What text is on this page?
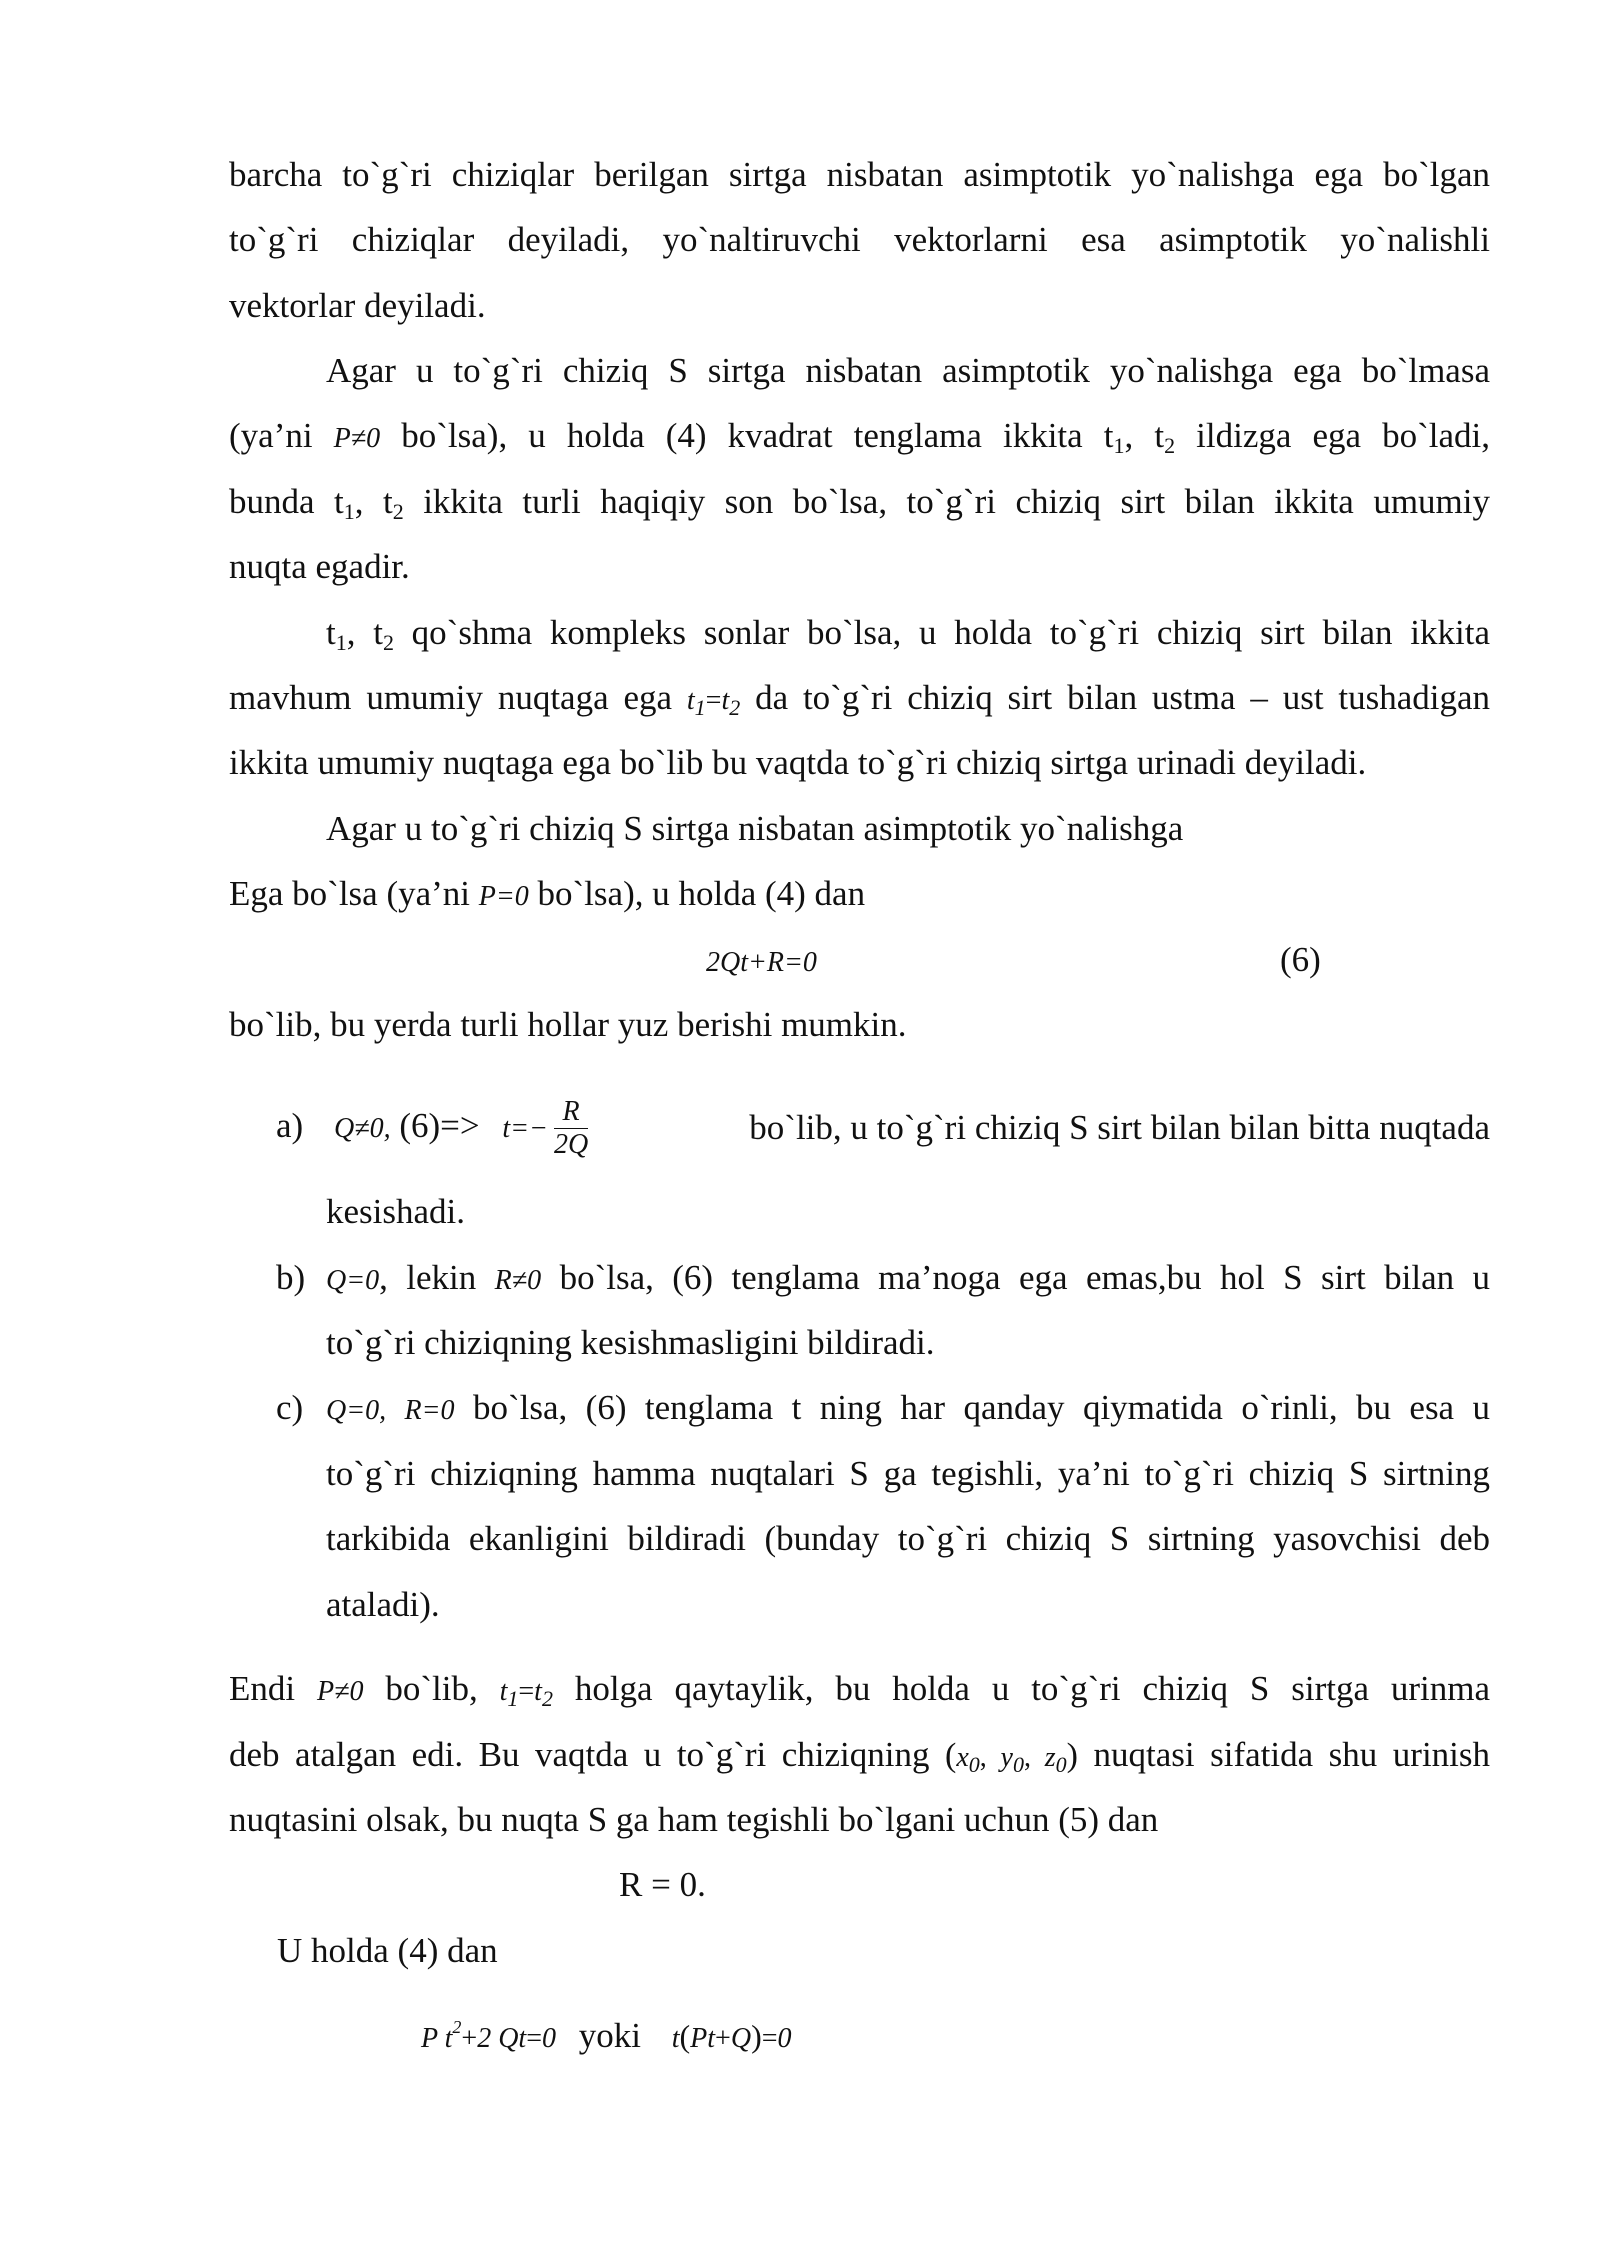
barcha to`g`ri chiziqlar berilgan sirtga nisbatan asimptotik yo`nalishga ega bo`lgan
to`g`ri chiziqlar deyiladi, yo`naltiruvchi vektorlarni esa asimptotik yo`nalishli
vektorlar deyiladi.
Agar u to`g`ri chiziq S sirtga nisbatan asimptotik yo`nalishga ega bo`lmasa
(ya’ni P≠0 bo`lsa), u holda (4) kvadrat tenglama ikkita $t_1$, $t_2$ ildizga ega bo`ladi,
bunda $t_1$, $t_2$ ikkita turli haqiqiy son bo`lsa, to`g`ri chiziq sirt bilan ikkita umumiy
nuqta egadir.
$t_1$, $t_2$ qo`shma kompleks sonlar bo`lsa, u holda to`g`ri chiziq sirt bilan ikkita
mavhum umumiy nuqtaga ega $t_1=t_2$ da to`g`ri chiziq sirt bilan ustma – ust tushadigan
ikkita umumiy nuqtaga ega bo`lib bu vaqtda to`g`ri chiziq sirtga urinadi deyiladi.
Agar u to`g`ri chiziq S sirtga nisbatan asimptotik yo`nalishga
Ega bo`lsa (ya’ni P=0 bo`lsa), u holda (4) dan
2Qt+R=0	(6)
bo`lib, bu yerda turli hollar yuz berishi mumkin.
a) Q≠0, $(6)=> t=- \frac{R}{2Q}$	bo`lib, u to`g`ri chiziq S sirt bilan bilan bitta nuqtada
kesishadi.
b) Q=0, lekin R≠0 bo`lsa, (6) tenglama ma’noga ega emas,bu hol S sirt bilan u
to`g`ri chiziqning kesishmasligini bildiradi.
c) Q=0, R=0 bo`lsa, (6) tenglama t ning har qanday qiymatida o`rinli, bu esa u
to`g`ri chiziqning hamma nuqtalari S ga tegishli, ya’ni to`g`ri chiziq S sirtning
tarkibida ekanligini bildiradi (bunday to`g`ri chiziq S sirtning yasovchisi deb
ataladi).
Endi P≠0 bo`lib, $t_1=t_2$ holga qaytaylik, bu holda u to`g`ri chiziq S sirtga urinma
deb atalgan edi. Bu vaqtda u to`g`ri chiziqning ($x_0$, $y_0$, $z_0$) nuqtasi sifatida shu urinish
nuqtasini olsak, bu nuqta S ga ham tegishli bo`lgani uchun (5) dan
R = 0.
U holda (4) dan
P $t^2+2$ Qt=0 yoki t(Pt+Q)=0
